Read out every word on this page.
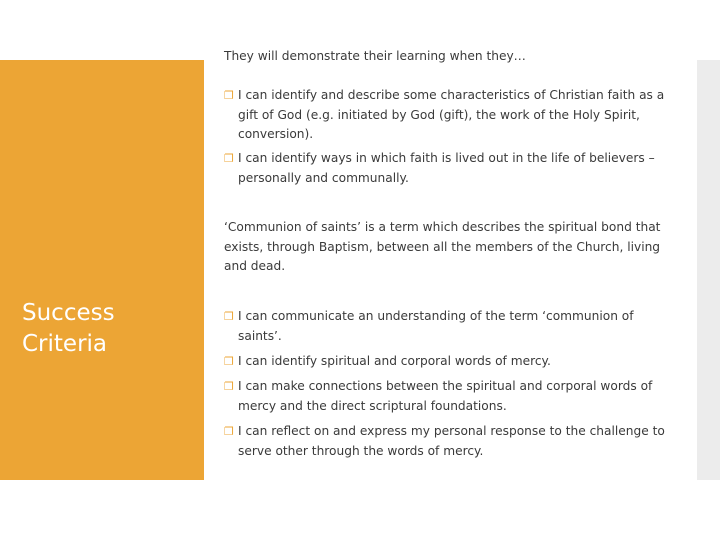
Success Criteria

They will demonstrate their learning when they…

❐ I can identify and describe some characteristics of Christian faith as a gift of God (e.g. initiated by God (gift), the work of the Holy Spirit, conversion).

❐ I can identify ways in which faith is lived out in the life of believers – personally and communally.

‘Communion of saints’ is a term which describes the spiritual bond that exists, through Baptism, between all the members of the Church, living and dead.

❐ I can communicate an understanding of the term ‘communion of saints’.

❐ I can identify spiritual and corporal words of mercy.

❐ I can make connections between the spiritual and corporal words of mercy and the direct scriptural foundations.

❐ I can reflect on and express my personal response to the challenge to serve other through the words of mercy.
